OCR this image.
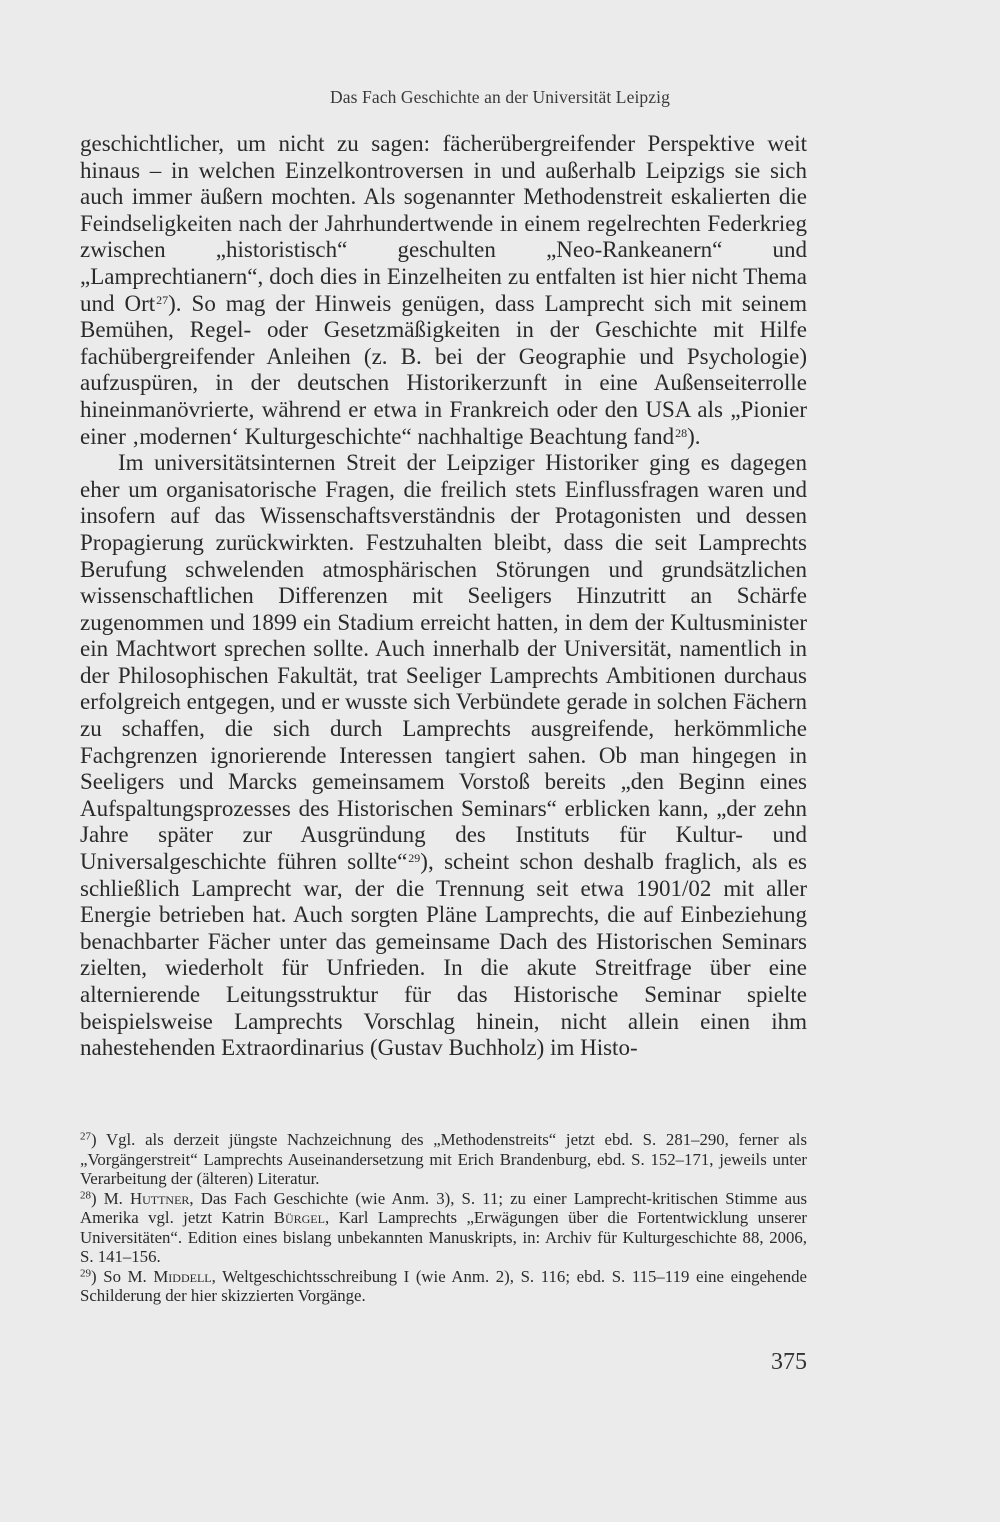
Das Fach Geschichte an der Universität Leipzig

geschichtlicher, um nicht zu sagen: fächerübergreifender Perspektive weit hinaus – in welchen Einzelkontroversen in und außerhalb Leipzigs sie sich auch immer äußern mochten. Als sogenannter Methodenstreit eskalierten die Feindseligkeiten nach der Jahrhundertwende in einem regelrechten Federkrieg zwischen „historistisch“ geschulten „Neo-Rankeanern“ und „Lamprechtianern“, doch dies in Einzelheiten zu entfalten ist hier nicht Thema und Ort$^{27}$). So mag der Hinweis genügen, dass Lamprecht sich mit seinem Bemühen, Regel- oder Gesetzmäßigkeiten in der Geschichte mit Hilfe fachübergreifender Anleihen (z. B. bei der Geographie und Psychologie) aufzuspüren, in der deutschen Historikerzunft in eine Außenseiterrolle hineinmanövrierte, während er etwa in Frankreich oder den USA als „Pionier einer ‚modernen‘ Kulturgeschichte“ nachhaltige Beachtung fand$^{28}$).

Im universitätsinternen Streit der Leipziger Historiker ging es dagegen eher um organisatorische Fragen, die freilich stets Einflussfragen waren und insofern auf das Wissenschaftsverständnis der Protagonisten und dessen Propagierung zurückwirkten. Festzuhalten bleibt, dass die seit Lamprechts Berufung schwelenden atmosphärischen Störungen und grundsätzlichen wissenschaftlichen Differenzen mit Seeligers Hinzutritt an Schärfe zugenommen und 1899 ein Stadium erreicht hatten, in dem der Kultusminister ein Machtwort sprechen sollte. Auch innerhalb der Universität, namentlich in der Philosophischen Fakultät, trat Seeliger Lamprechts Ambitionen durchaus erfolgreich entgegen, und er wusste sich Verbündete gerade in solchen Fächern zu schaffen, die sich durch Lamprechts ausgreifende, herkömmliche Fachgrenzen ignorierende Interessen tangiert sahen. Ob man hingegen in Seeligers und Marcks gemeinsamem Vorstoß bereits „den Beginn eines Aufspaltungsprozesses des Historischen Seminars“ erblicken kann, „der zehn Jahre später zur Ausgründung des Instituts für Kultur- und Universalgeschichte führen sollte“$^{29}$), scheint schon deshalb fraglich, als es schließlich Lamprecht war, der die Trennung seit etwa 1901/02 mit aller Energie betrieben hat. Auch sorgten Pläne Lamprechts, die auf Einbeziehung benachbarter Fächer unter das gemeinsame Dach des Historischen Seminars zielten, wiederholt für Unfrieden. In die akute Streitfrage über eine alternierende Leitungsstruktur für das Historische Seminar spielte beispielsweise Lamprechts Vorschlag hinein, nicht allein einen ihm nahestehenden Extraordinarius (Gustav Buchholz) im Histo-

$^{27}$) Vgl. als derzeit jüngste Nachzeichnung des „Methodenstreits“ jetzt ebd. S. 281–290, ferner als „Vorgängerstreit“ Lamprechts Auseinandersetzung mit Erich Brandenburg, ebd. S. 152–171, jeweils unter Verarbeitung der (älteren) Literatur.

$^{28}$) M. Huttner, Das Fach Geschichte (wie Anm. 3), S. 11; zu einer Lamprecht-kritischen Stimme aus Amerika vgl. jetzt Katrin Bürgel, Karl Lamprechts „Erwägungen über die Fortentwicklung unserer Universitäten“. Edition eines bislang unbekannten Manuskripts, in: Archiv für Kulturgeschichte 88, 2006, S. 141–156.

$^{29}$) So M. Middell, Weltgeschichtsschreibung I (wie Anm. 2), S. 116; ebd. S. 115–119 eine eingehende Schilderung der hier skizzierten Vorgänge.

375
